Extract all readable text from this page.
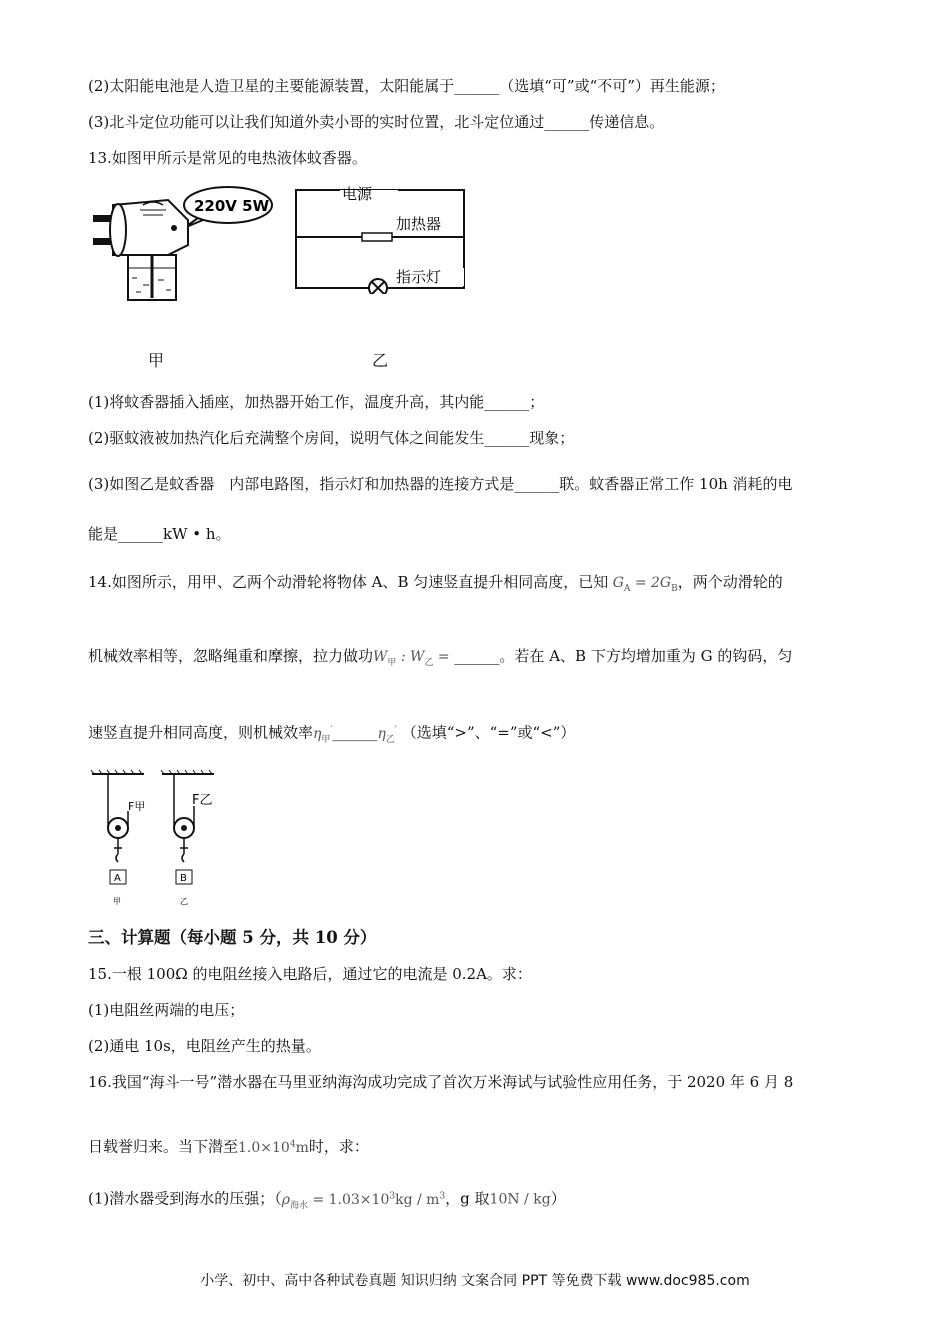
(2)太阳能电池是人造卫星的主要能源装置，太阳能属于______（选填“可”或“不可”）再生能源；
(3)北斗定位功能可以让我们知道外卖小哥的实时位置，北斗定位通过______传递信息。
13.如图甲所示是常见的电热液体蚊香器。
220V 5W
电源
加热器
指示灯
甲	乙
(1)将蚊香器插入插座，加热器开始工作，温度升高，其内能______；
(2)驱蚊液被加热汽化后充满整个房间，说明气体之间能发生______现象；
(3)如图乙是蚊香器　内部电路图，指示灯和加热器的连接方式是______联。蚊香器正常工作 10h 消耗的电
能是______kW • h。
14.如图所示，用甲、乙两个动滑轮将物体 A、B 匀速竖直提升相同高度，已知 $G_A = 2G_B$，两个动滑轮的
机械效率相等，忽略绳重和摩擦，拉力做功$W_甲$ : $W_乙$ = ______。若在 A、B 下方均增加重为 G 的钩码，匀
速竖直提升相同高度，则机械效率$\eta_甲'\_\_\_\_\_\_\eta_乙'$ （选填“>”、“=”或“<”）
A
F甲
甲
B
F乙
乙
三、计算题（每小题 5 分，共 10 分）
15.一根 100Ω 的电阻丝接入电路后，通过它的电流是 0.2A。求：
(1)电阻丝两端的电压；
(2)通电 10s，电阻丝产生的热量。
16.我国“海斗一号”潜水器在马里亚纳海沟成功完成了首次万米海试与试验性应用任务，于 2020 年 6 月 8
日载誉归来。当下潜至$1.0\times 10^4m$时，求：
(1)潜水器受到海水的压强；（$\rho_{海水} = 1.03\times 10^3kg / m^3$，g 取10N / kg）
小学、初中、高中各种试卷真题 知识归纳 文案合同 PPT 等免费下载 www.doc985.com
